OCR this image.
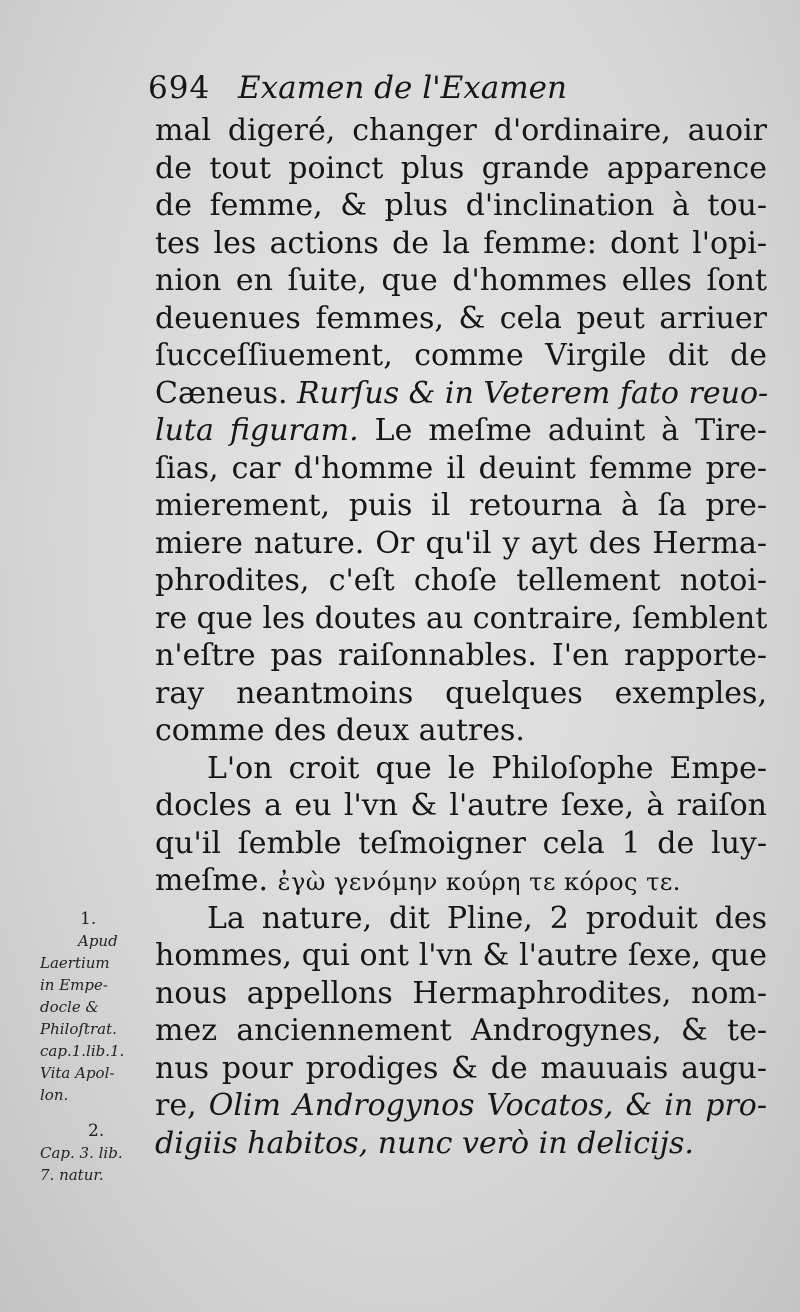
694 Examen de l'Examen
mal digeré, changer d'ordinaire, auoir
de tout poinct plus grande apparence
de femme, & plus d'inclination à tou-
tes les actions de la femme: dont l'opi-
nion en ſuite, que d'hommes elles ſont
deuenues femmes, & cela peut arriuer
ſucceſſiuement, comme Virgile dit de
Cæneus. Rurſus & in Veterem fato reuo-
luta figuram. Le meſme aduint à Tire-
ſias, car d'homme il deuint femme pre-
mierement, puis il retourna à ſa pre-
miere nature. Or qu'il y ayt des Herma-
phrodites, c'eſt choſe tellement notoi-
re que les doutes au contraire, ſemblent
n'eſtre pas raiſonnables. I'en rapporte-
ray neantmoins quelques exemples,
comme des deux autres.
L'on croit que le Philoſophe Empe-
docles a eu l'vn & l'autre ſexe, à raiſon
qu'il ſemble teſmoigner cela 1 de luy-
meſme. ἐγὼ γενόμην κούρη τε κόρος τε.
La nature, dit Pline, 2 produit des
hommes, qui ont l'vn & l'autre ſexe, que
nous appellons Hermaphrodites, nom-
mez anciennement Androgynes, & te-
nus pour prodiges & de mauuais augu-
re, Olim Androgynos Vocatos, & in pro-
digiis habitos, nunc verò in delicijs.
1.
Apud
Laertium
in Empe-
docle &
Philoſtrat.
cap.1.lib.1.
Vita Apol-
lon.
2.
Cap. 3. lib.
7. natur.
